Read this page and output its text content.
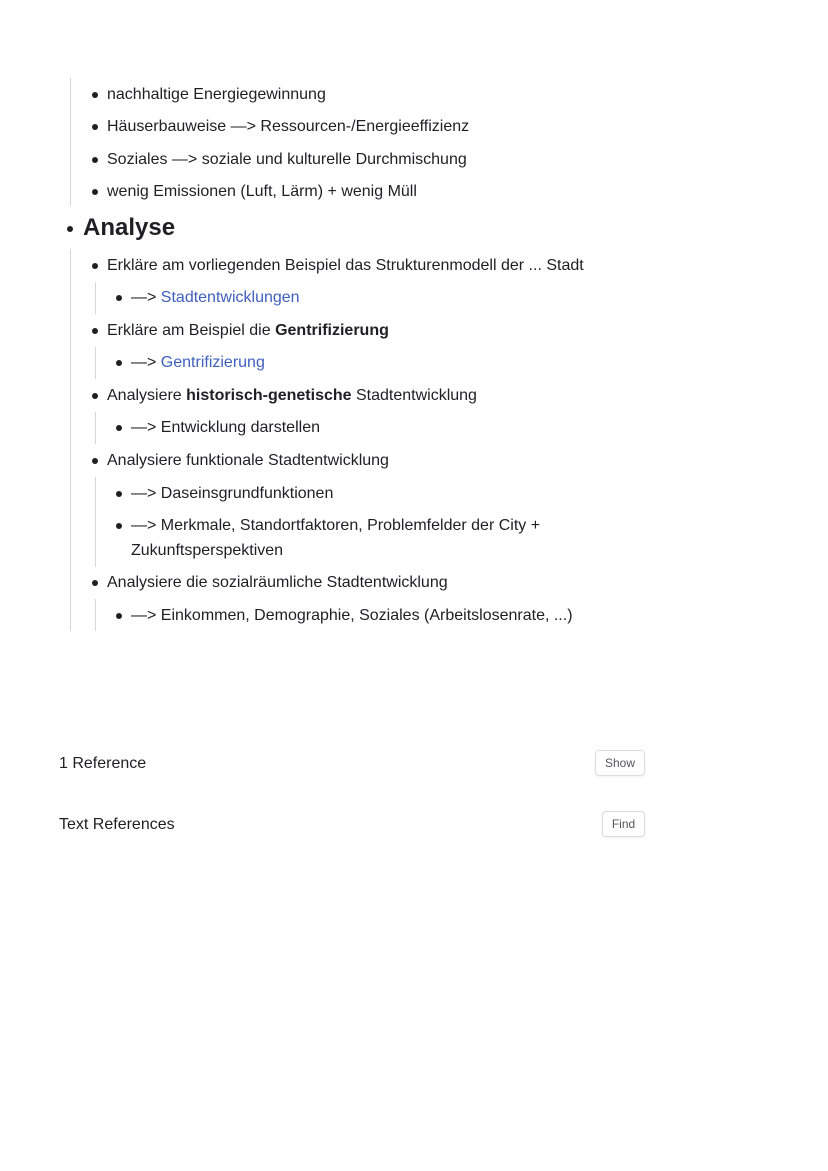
nachhaltige Energiegewinnung
Häuserbauweise —> Ressourcen-/Energieeffizienz
Soziales —> soziale und kulturelle Durchmischung
wenig Emissionen (Luft, Lärm) + wenig Müll
Analyse
Erkläre am vorliegenden Beispiel das Strukturenmodell der ... Stadt
—> Stadtentwicklungen
Erkläre am Beispiel die Gentrifizierung
—> Gentrifizierung
Analysiere historisch-genetische Stadtentwicklung
—> Entwicklung darstellen
Analysiere funktionale Stadtentwicklung
—> Daseinsgrundfunktionen
—> Merkmale, Standortfaktoren, Problemfelder der City +
Zukunftsperspektiven
Analysiere die sozialräumliche Stadtentwicklung
—> Einkommen, Demographie, Soziales (Arbeitslosenrate, ...)
1 Reference	Show
Text References	Find
